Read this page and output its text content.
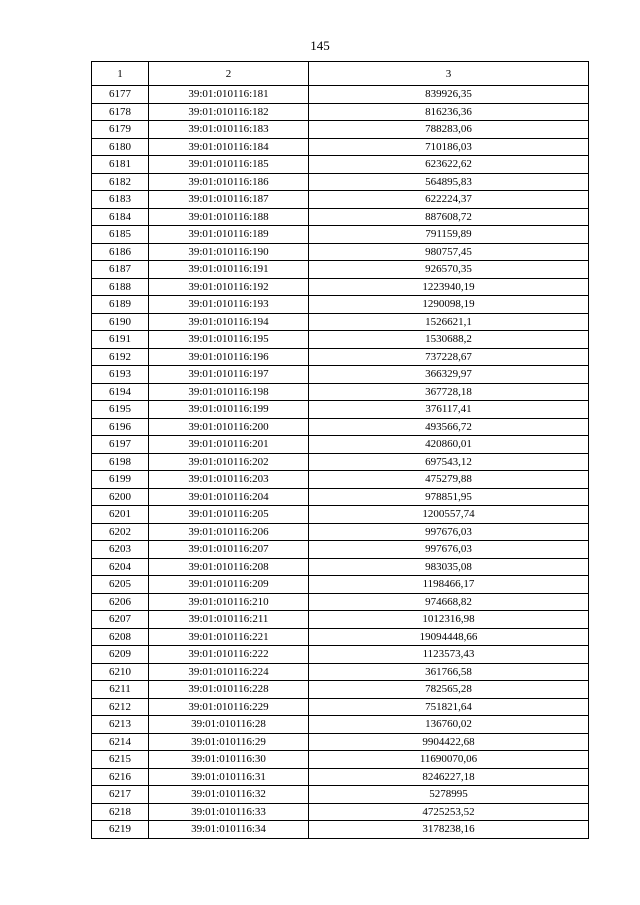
145
1	2	3
6177	39:01:010116:181	839926,35
6178	39:01:010116:182	816236,36
6179	39:01:010116:183	788283,06
6180	39:01:010116:184	710186,03
6181	39:01:010116:185	623622,62
6182	39:01:010116:186	564895,83
6183	39:01:010116:187	622224,37
6184	39:01:010116:188	887608,72
6185	39:01:010116:189	791159,89
6186	39:01:010116:190	980757,45
6187	39:01:010116:191	926570,35
6188	39:01:010116:192	1223940,19
6189	39:01:010116:193	1290098,19
6190	39:01:010116:194	1526621,1
6191	39:01:010116:195	1530688,2
6192	39:01:010116:196	737228,67
6193	39:01:010116:197	366329,97
6194	39:01:010116:198	367728,18
6195	39:01:010116:199	376117,41
6196	39:01:010116:200	493566,72
6197	39:01:010116:201	420860,01
6198	39:01:010116:202	697543,12
6199	39:01:010116:203	475279,88
6200	39:01:010116:204	978851,95
6201	39:01:010116:205	1200557,74
6202	39:01:010116:206	997676,03
6203	39:01:010116:207	997676,03
6204	39:01:010116:208	983035,08
6205	39:01:010116:209	1198466,17
6206	39:01:010116:210	974668,82
6207	39:01:010116:211	1012316,98
6208	39:01:010116:221	19094448,66
6209	39:01:010116:222	1123573,43
6210	39:01:010116:224	361766,58
6211	39:01:010116:228	782565,28
6212	39:01:010116:229	751821,64
6213	39:01:010116:28	136760,02
6214	39:01:010116:29	9904422,68
6215	39:01:010116:30	11690070,06
6216	39:01:010116:31	8246227,18
6217	39:01:010116:32	5278995
6218	39:01:010116:33	4725253,52
6219	39:01:010116:34	3178238,16
